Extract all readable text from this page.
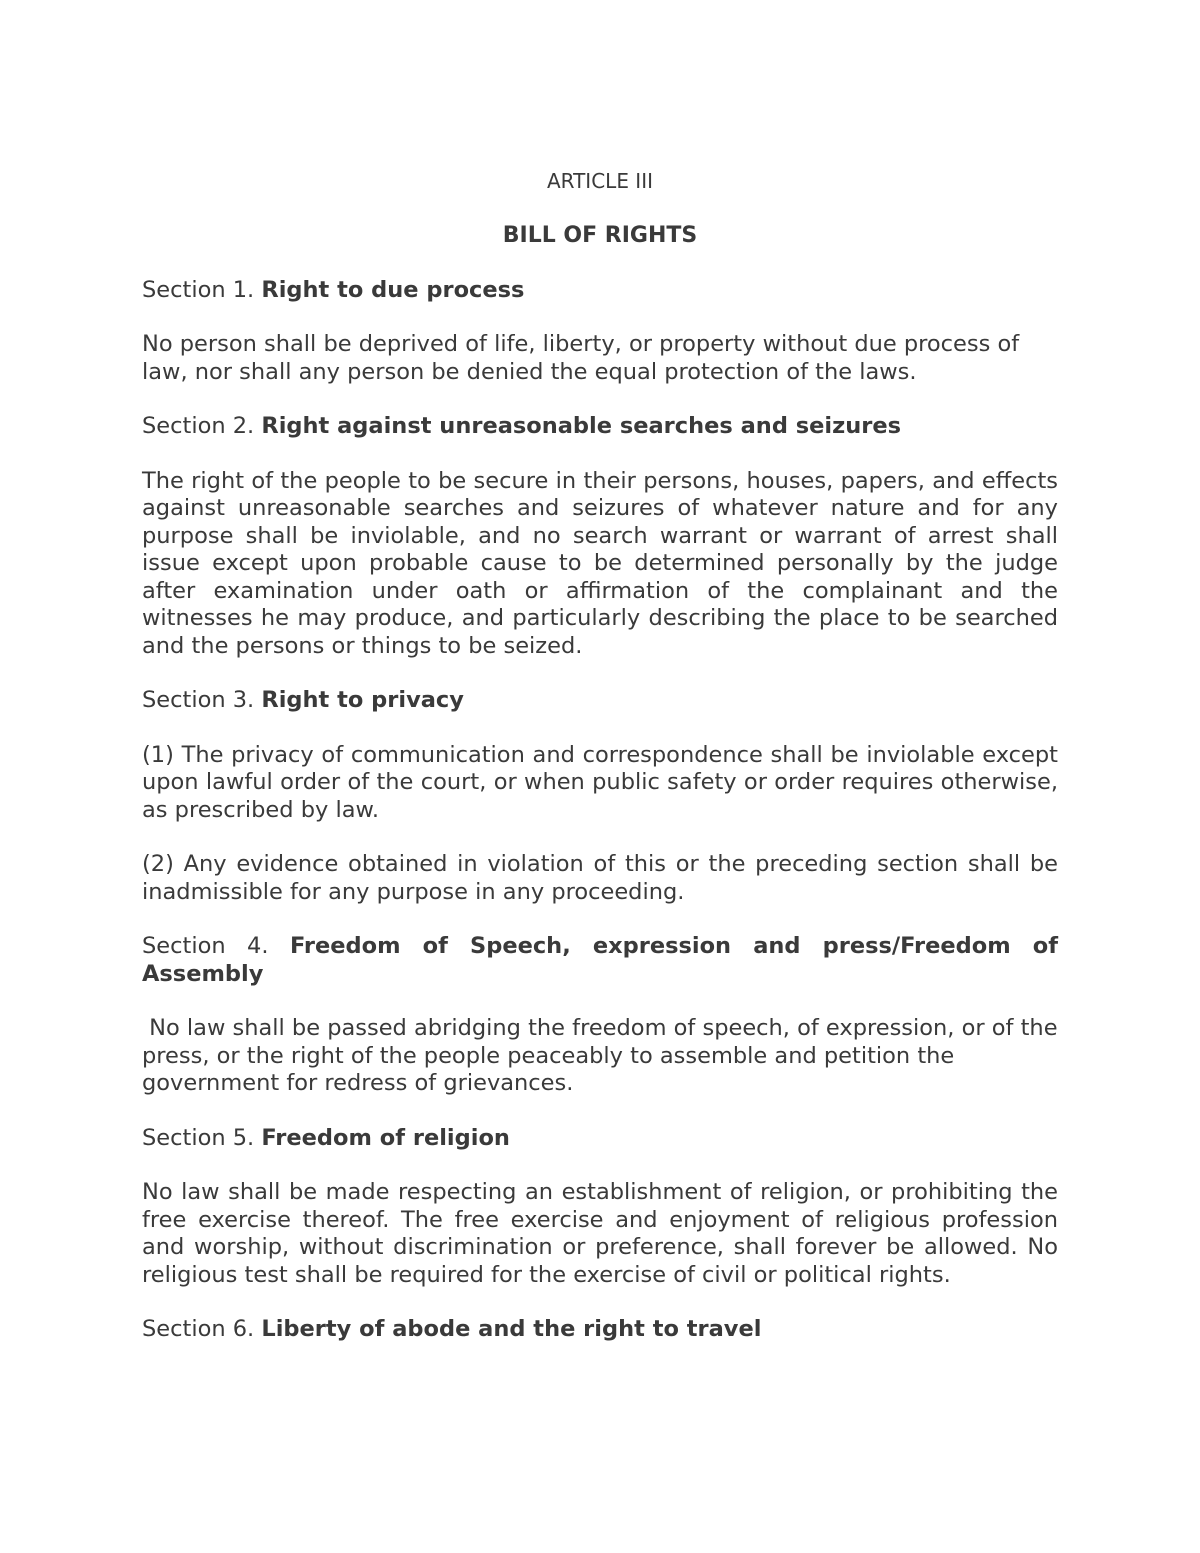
ARTICLE III

BILL OF RIGHTS

Section 1. Right to due process

No person shall be deprived of life, liberty, or property without due process of law, nor shall any person be denied the equal protection of the laws.

Section 2. Right against unreasonable searches and seizures

The right of the people to be secure in their persons, houses, papers, and effects against unreasonable searches and seizures of whatever nature and for any purpose shall be inviolable, and no search warrant or warrant of arrest shall issue except upon probable cause to be determined personally by the judge after examination under oath or affirmation of the complainant and the witnesses he may produce, and particularly describing the place to be searched and the persons or things to be seized.

Section 3. Right to privacy

(1) The privacy of communication and correspondence shall be inviolable except upon lawful order of the court, or when public safety or order requires otherwise, as prescribed by law.

(2) Any evidence obtained in violation of this or the preceding section shall be inadmissible for any purpose in any proceeding.

Section 4. Freedom of Speech, expression and press/Freedom of Assembly

No law shall be passed abridging the freedom of speech, of expression, or of the press, or the right of the people peaceably to assemble and petition the government for redress of grievances.

Section 5. Freedom of religion

No law shall be made respecting an establishment of religion, or prohibiting the free exercise thereof. The free exercise and enjoyment of religious profession and worship, without discrimination or preference, shall forever be allowed. No religious test shall be required for the exercise of civil or political rights.

Section 6. Liberty of abode and the right to travel
